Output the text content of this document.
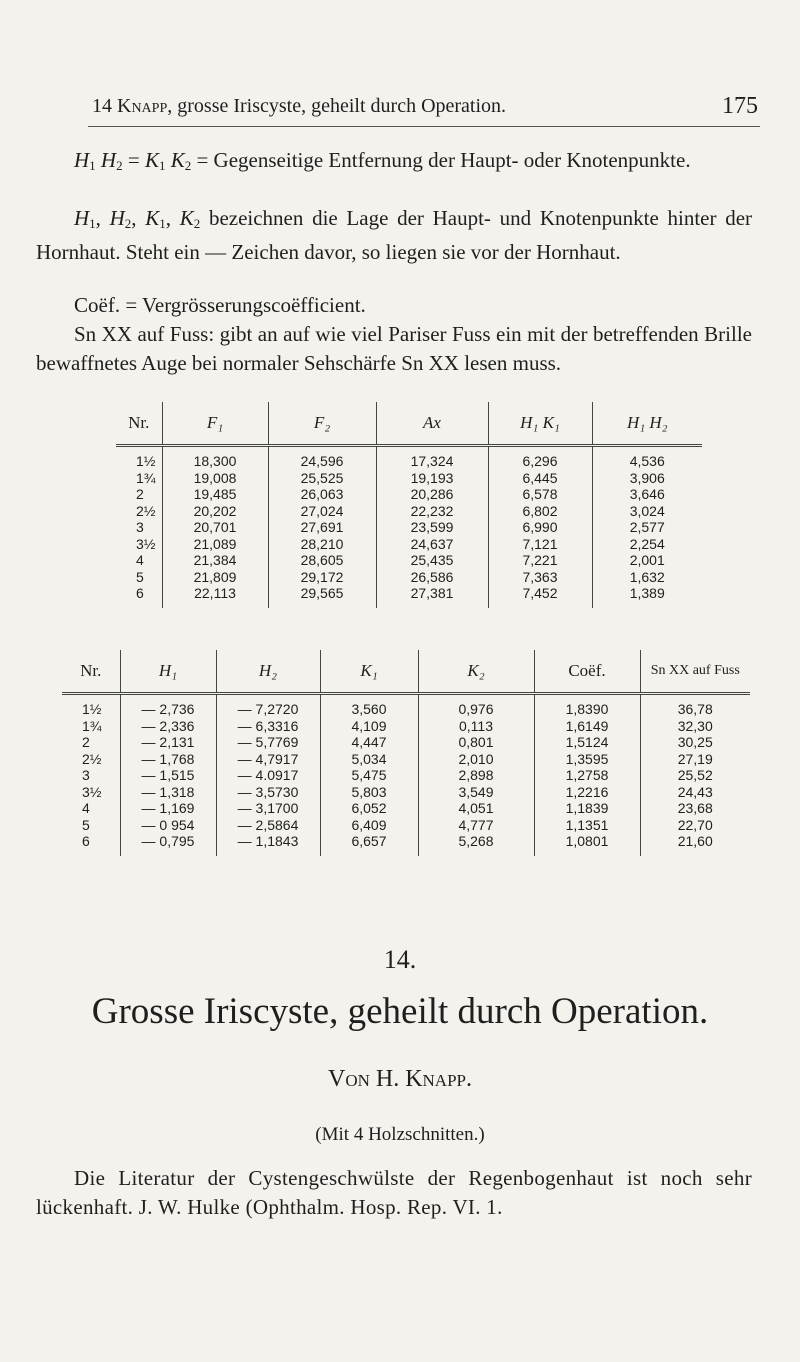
14 Knapp, grosse Iriscyste, geheilt durch Operation.	175

$H_1$ $H_2 = K_1$ $K_2$ = Gegenseitige Entfernung der Haupt- oder Knotenpunkte.

$H_1$, $H_2$, $K_1$, $K_2$ bezeichnen die Lage der Haupt- und Knotenpunkte hinter der Hornhaut. Steht ein — Zeichen davor, so liegen sie vor der Hornhaut.

Coëf. = Vergrösserungscoëfficient.

Sn XX auf Fuss: gibt an auf wie viel Pariser Fuss ein mit der betreffenden Brille bewaffnetes Auge bei normaler Sehschärfe Sn XX lesen muss.

Nr.	F₁	F₂	Ax	H₁ K₁	H₁ H₂
1½	18,300	24,596	17,324	6,296	4,536
1¾	19,008	25,525	19,193	6,445	3,906
2	19,485	26,063	20,286	6,578	3,646
2½	20,202	27,024	22,232	6,802	3,024
3	20,701	27,691	23,599	6,990	2,577
3½	21,089	28,210	24,637	7,121	2,254
4	21,384	28,605	25,435	7,221	2,001
5	21,809	29,172	26,586	7,363	1,632
6	22,113	29,565	27,381	7,452	1,389
Nr.	H₁	H₂	K₁	K₂	Coëf.	Sn XX auf Fuss
1½	— 2,736	— 7,2720	3,560	0,976	1,8390	36,78
1¾	— 2,336	— 6,3316	4,109	0,113	1,6149	32,30
2	— 2,131	— 5,7769	4,447	0,801	1,5124	30,25
2½	— 1,768	— 4,7917	5,034	2,010	1,3595	27,19
3	— 1,515	— 4.0917	5,475	2,898	1,2758	25,52
3½	— 1,318	— 3,5730	5,803	3,549	1,2216	24,43
4	— 1,169	— 3,1700	6,052	4,051	1,1839	23,68
5	— 0 954	— 2,5864	6,409	4,777	1,1351	22,70
6	— 0,795	— 1,1843	6,657	5,268	1,0801	21,60
14.
Grosse Iriscyste, geheilt durch Operation.
Von H. Knapp.
(Mit 4 Holzschnitten.)

Die Literatur der Cystengeschwülste der Regenbogenhaut ist noch sehr lückenhaft. J. W. Hulke (Ophthalm. Hosp. Rep. VI. 1.
